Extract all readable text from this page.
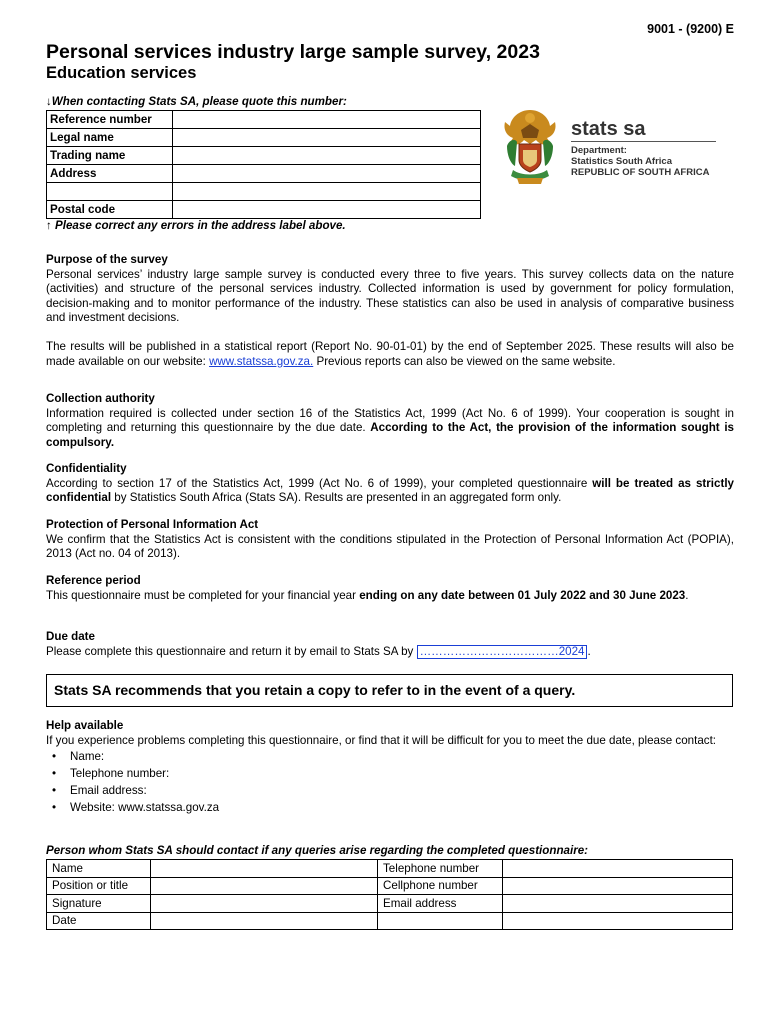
9001 - (9200) E
Personal services industry large sample survey, 2023
Education services
↓When contacting Stats SA, please quote this number:
Reference number	
Legal name	
Trading name	
Address	

Postal code	
↑ Please correct any errors in the address label above.
stats sa
Department:
Statistics South Africa
REPUBLIC OF SOUTH AFRICA
Purpose of the survey

Personal services’ industry large sample survey is conducted every three to five years. This survey collects data on the nature (activities) and structure of the personal services industry. Collected information is used by government for policy formulation, decision-making and to monitor performance of the industry. These statistics can also be used in analysis of comparative business and investment decisions.

The results will be published in a statistical report (Report No. 90-01-01) by the end of September 2025. These results will also be made available on our website: www.statssa.gov.za. Previous reports can also be viewed on the same website.

Collection authority

Information required is collected under section 16 of the Statistics Act, 1999 (Act No. 6 of 1999). Your cooperation is sought in completing and returning this questionnaire by the due date. According to the Act, the provision of the information sought is compulsory.

Confidentiality

According to section 17 of the Statistics Act, 1999 (Act No. 6 of 1999), your completed questionnaire will be treated as strictly confidential by Statistics South Africa (Stats SA). Results are presented in an aggregated form only.

Protection of Personal Information Act

We confirm that the Statistics Act is consistent with the conditions stipulated in the Protection of Personal Information Act (POPIA), 2013 (Act no. 04 of 2013).

Reference period

This questionnaire must be completed for your financial year ending on any date between 01 July 2022 and 30 June 2023.

Due date

Please complete this questionnaire and return it by email to Stats SA by ………………………………2024 .

Stats SA recommends that you retain a copy to refer to in the event of a query.
Help available

If you experience problems completing this questionnaire, or find that it will be difficult for you to meet the due date, please contact:

• Name:
• Telephone number:
• Email address:
• Website: www.statssa.gov.za
Person whom Stats SA should contact if any queries arise regarding the completed questionnaire:
Name		Telephone number	
Position or title		Cellphone number	
Signature		Email address	
Date			
